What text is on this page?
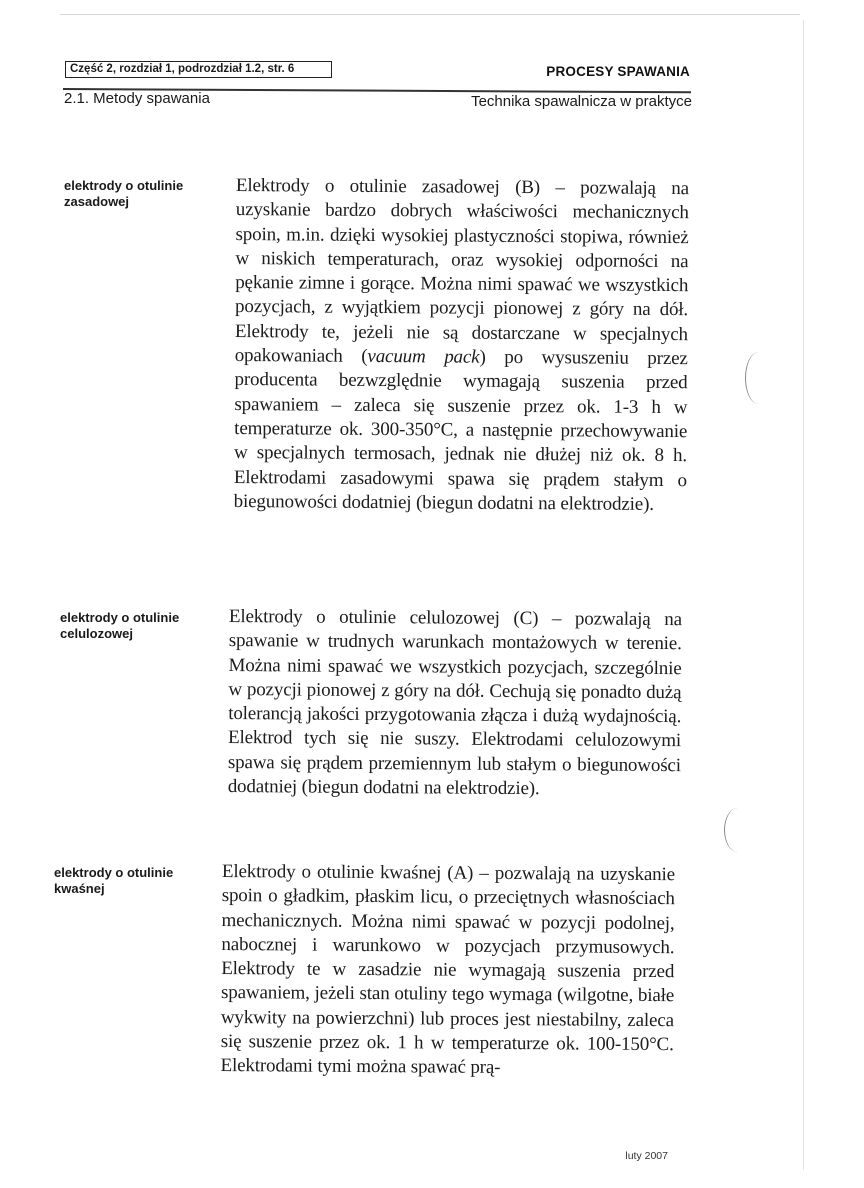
Część 2, rozdział 1, podrozdział 1.2, str. 6	PROCESY SPAWANIA
2.1. Metody spawania	Technika spawalnicza w praktyce
elektrody o otulinie zasadowej
Elektrody o otulinie zasadowej (B) – pozwalają na uzyskanie bardzo dobrych właściwości mechanicznych spoin, m.in. dzięki wysokiej plastyczności stopiwa, również w niskich temperaturach, oraz wysokiej odporności na pękanie zimne i gorące. Można nimi spawać we wszystkich pozycjach, z wyjątkiem pozycji pionowej z góry na dół. Elektrody te, jeżeli nie są dostarczane w specjalnych opakowaniach (vacuum pack) po wysuszeniu przez producenta bezwzględnie wymagają suszenia przed spawaniem – zaleca się suszenie przez ok. 1-3 h w temperaturze ok. 300-350°C, a następnie przechowywanie w specjalnych termosach, jednak nie dłużej niż ok. 8 h. Elektrodami zasadowymi spawa się prądem stałym o biegunowości dodatniej (biegun dodatni na elektrodzie).
elektrody o otulinie celulozowej
Elektrody o otulinie celulozowej (C) – pozwalają na spawanie w trudnych warunkach montażowych w terenie. Można nimi spawać we wszystkich pozycjach, szczególnie w pozycji pionowej z góry na dół. Cechują się ponadto dużą tolerancją jakości przygotowania złącza i dużą wydajnością. Elektrod tych się nie suszy. Elektrodami celulozowymi spawa się prądem przemiennym lub stałym o biegunowości dodatniej (biegun dodatni na elektrodzie).
elektrody o otulinie kwaśnej
Elektrody o otulinie kwaśnej (A) – pozwalają na uzyskanie spoin o gładkim, płaskim licu, o przeciętnych własnościach mechanicznych. Można nimi spawać w pozycji podolnej, nabocznej i warunkowo w pozycjach przymusowych. Elektrody te w zasadzie nie wymagają suszenia przed spawaniem, jeżeli stan otuliny tego wymaga (wilgotne, białe wykwity na powierzchni) lub proces jest niestabilny, zaleca się suszenie przez ok. 1 h w temperaturze ok. 100-150°C. Elektrodami tymi można spawać prą-
luty 2007
